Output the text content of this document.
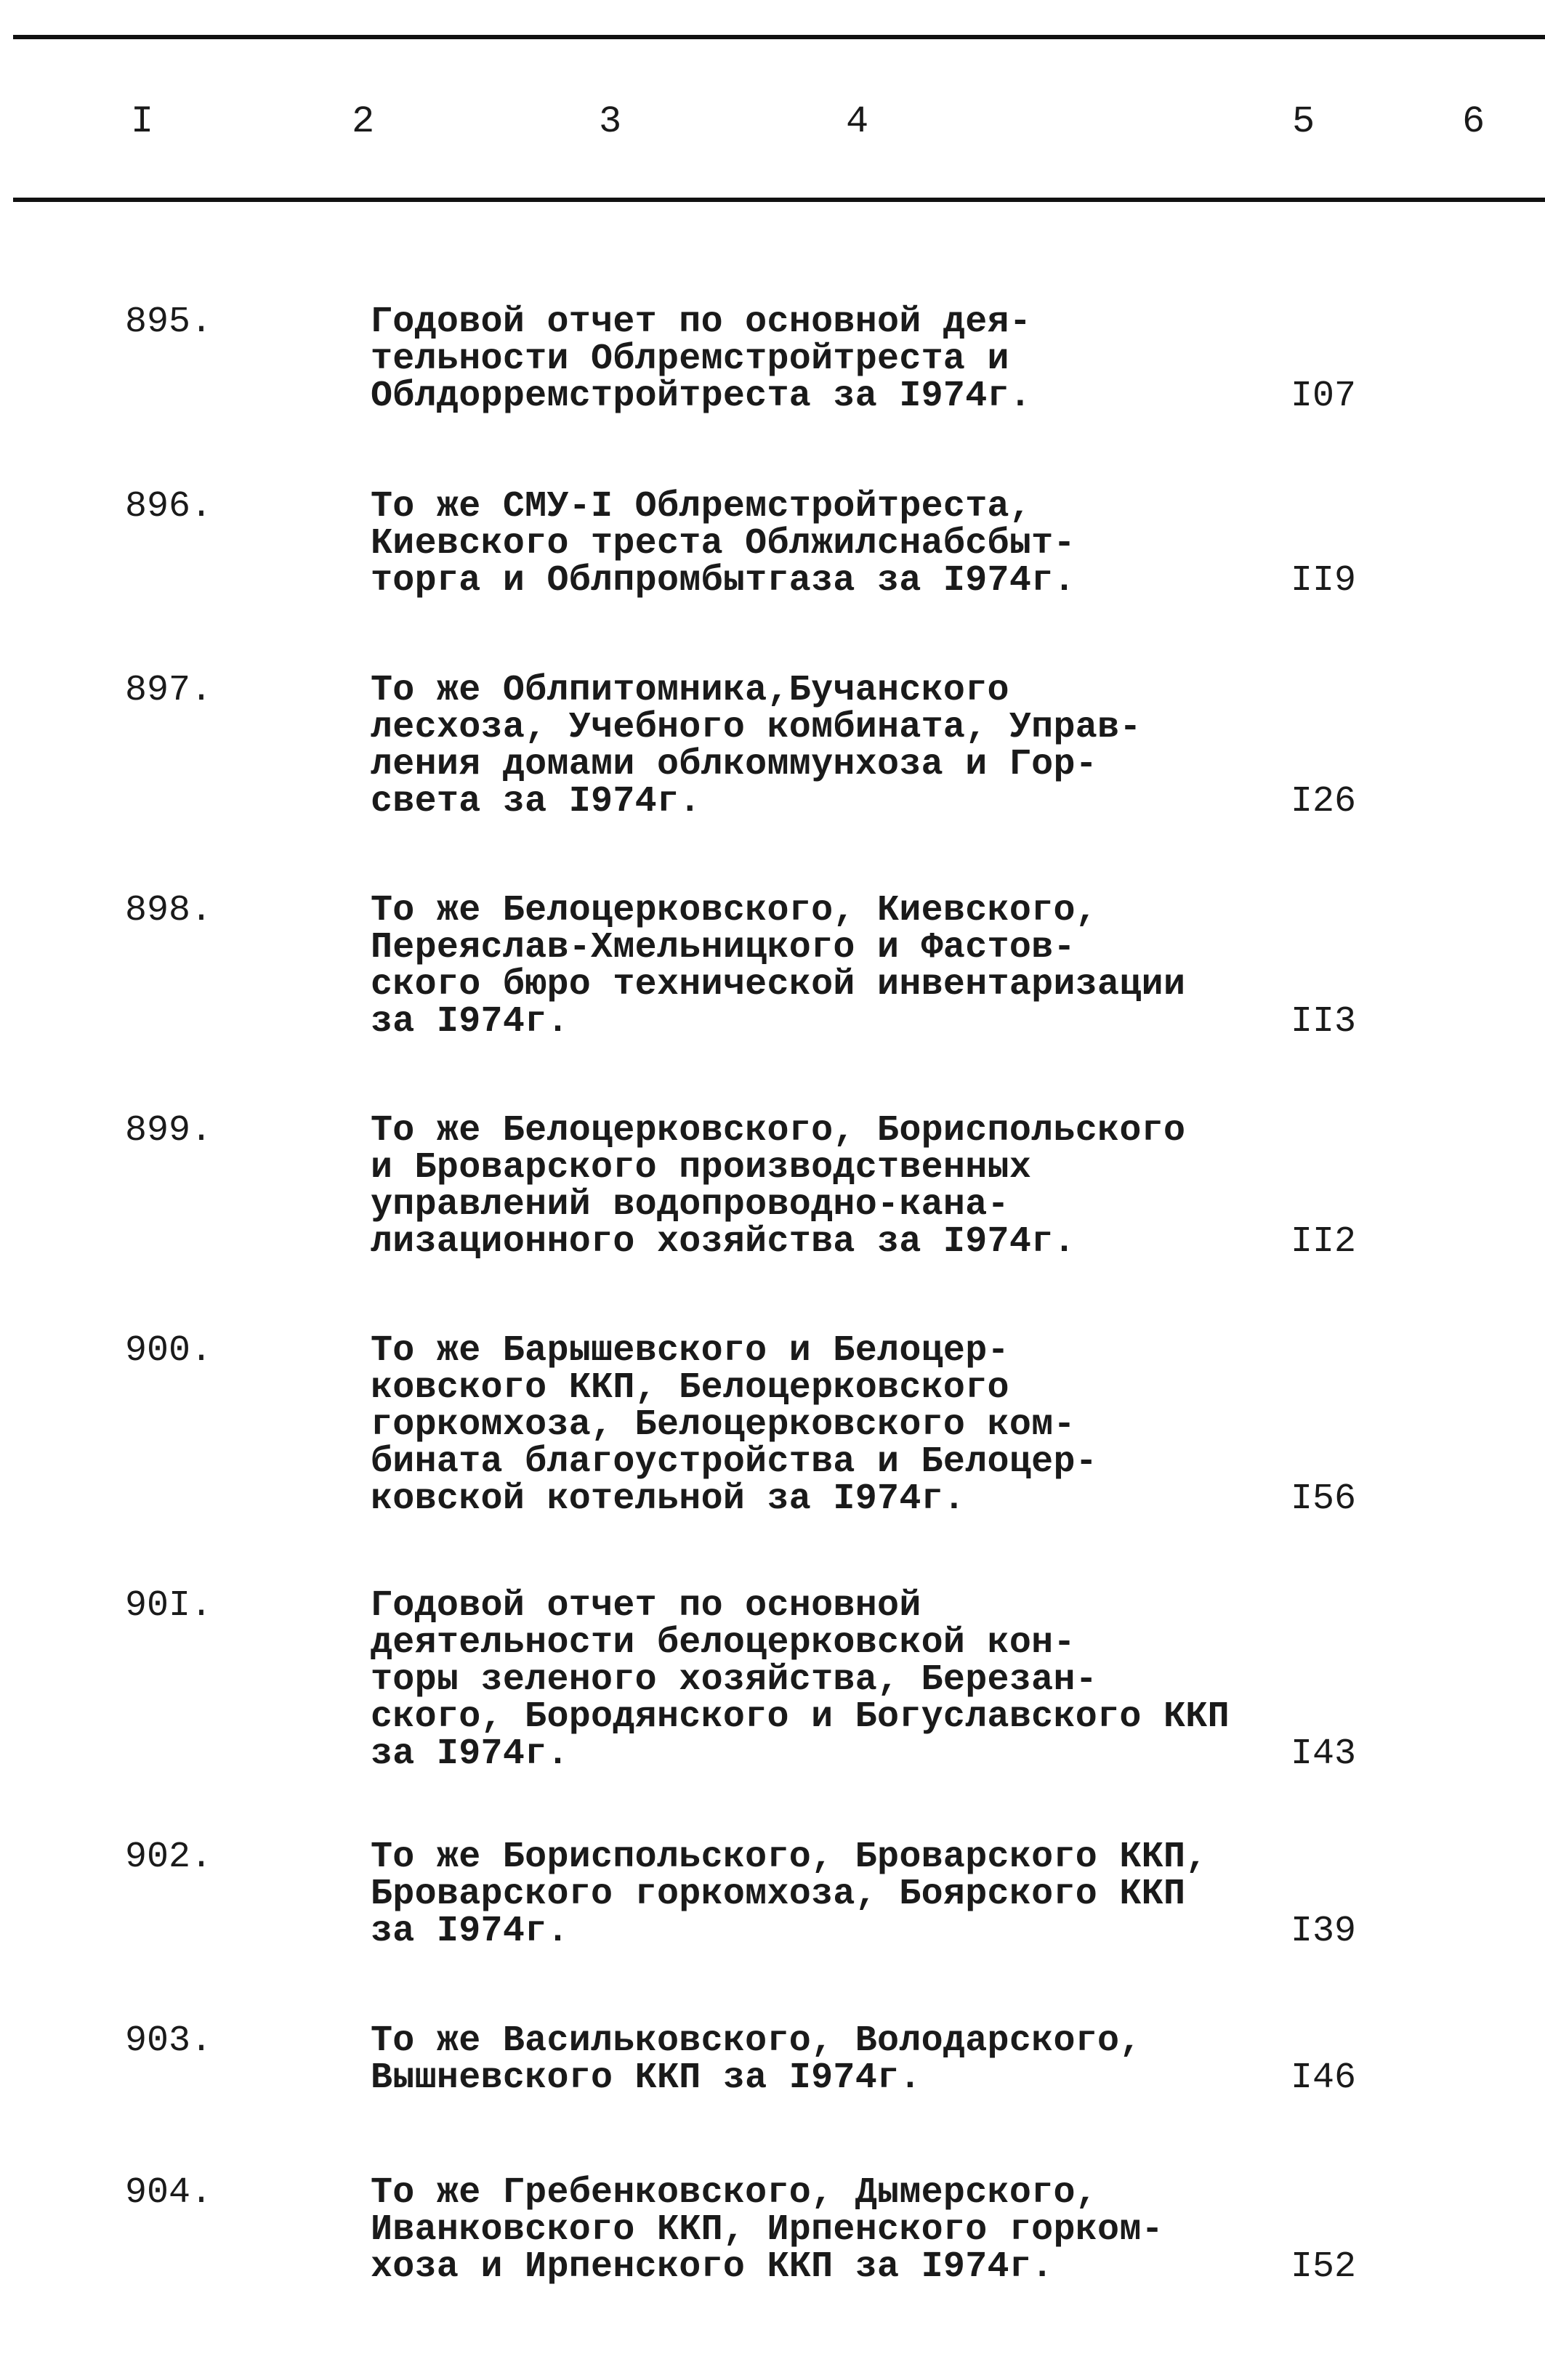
I	2	3	4	5	6
895.	Годовой отчет по основной дея-
тельности Облремстройтреста и
Облдорремстройтреста за I974г.	I07
896.	То же СМУ-I Облремстройтреста,
Киевского треста Облжилснабсбыт-
торга и Облпромбытгаза за I974г.	II9
897.	То же Облпитомника,Бучанского
лесхоза, Учебного комбината, Управ-
ления домами облкоммунхоза и Гор-
света за I974г.	I26
898.	То же Белоцерковского, Киевского,
Переяслав-Хмельницкого и Фастов-
ского бюро технической инвентаризации
за I974г.	II3
899.	То же Белоцерковского, Бориспольского
и Броварского производственных
управлений водопроводно-кана-
лизационного хозяйства за I974г.	II2
900.	То же Барышевского и Белоцер-
ковского ККП, Белоцерковского
горкомхоза, Белоцерковского ком-
бината благоустройства и Белоцер-
ковской котельной за I974г.	I56
90I.	Годовой отчет по основной
деятельности белоцерковской кон-
торы зеленого хозяйства, Березан-
ского, Бородянского и Богуславского ККП
за I974г.	I43
902.	То же Бориспольского, Броварского ККП,
Броварского горкомхоза, Боярского ККП
за I974г.	I39
903.	То же Васильковского, Володарского,
Вышневского ККП за I974г.	I46
904.	То же Гребенковского, Дымерского,
Иванковского ККП, Ирпенского горком-
хоза и Ирпенского ККП за I974г.	I52
